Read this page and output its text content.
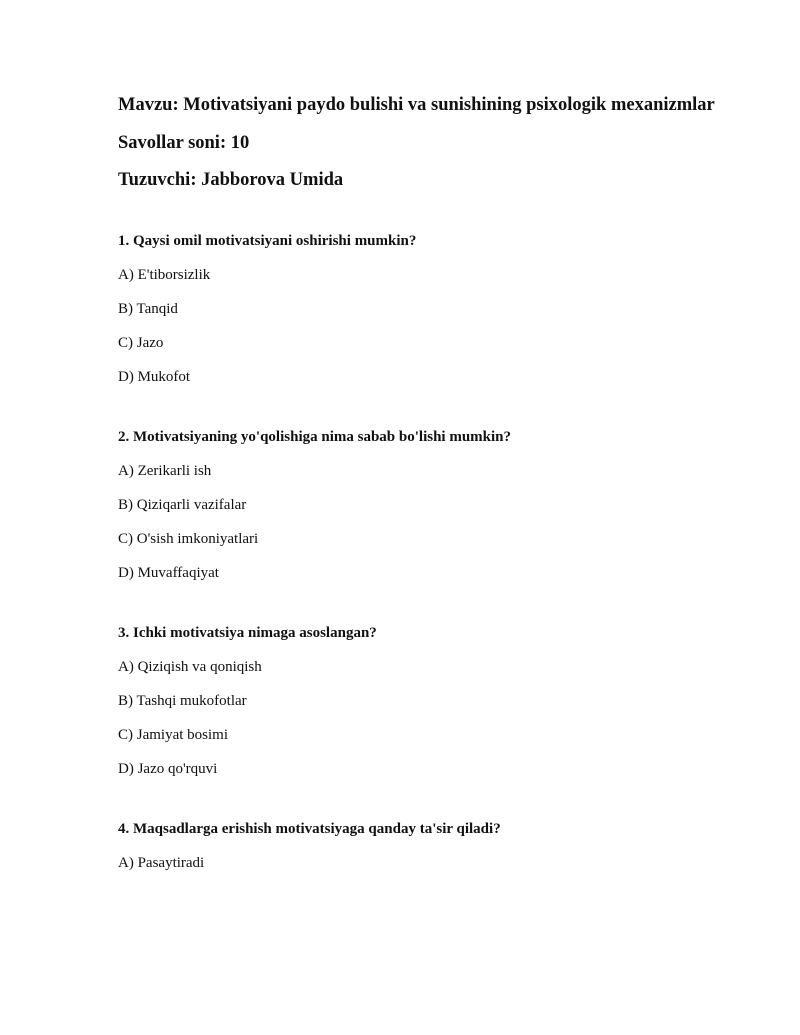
Mavzu: Motivatsiyani paydo bulishi va sunishining psixologik mexanizmlar

Savollar soni: 10

Tuzuvchi: Jabborova Umida

1. Qaysi omil motivatsiyani oshirishi mumkin?

A) E'tiborsizlik

B) Tanqid

C) Jazo

D) Mukofot

2. Motivatsiyaning yo'qolishiga nima sabab bo'lishi mumkin?

A) Zerikarli ish

B) Qiziqarli vazifalar

C) O'sish imkoniyatlari

D) Muvaffaqiyat

3. Ichki motivatsiya nimaga asoslangan?

A) Qiziqish va qoniqish

B) Tashqi mukofotlar

C) Jamiyat bosimi

D) Jazo qo'rquvi

4. Maqsadlarga erishish motivatsiyaga qanday ta'sir qiladi?

A) Pasaytiradi
